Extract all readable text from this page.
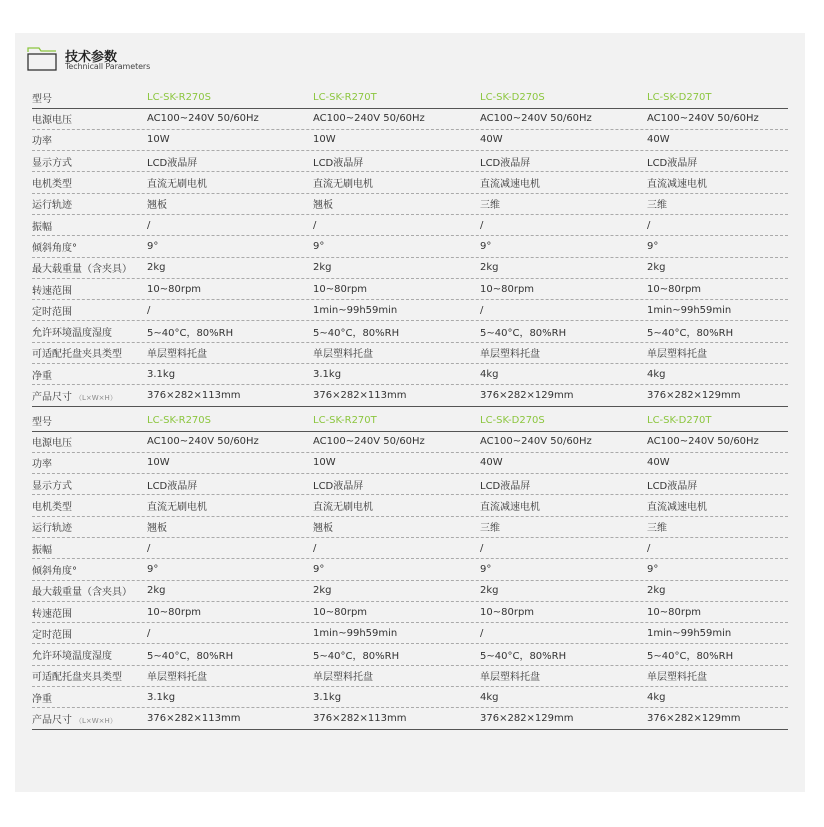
技术参数
Technicall Parameters
型号	LC-SK-R270S	LC-SK-R270T	LC-SK-D270S	LC-SK-D270T
电源电压	AC100~240V 50/60Hz	AC100~240V 50/60Hz	AC100~240V 50/60Hz	AC100~240V 50/60Hz
功率	10W	10W	40W	40W
显示方式	LCD液晶屏	LCD液晶屏	LCD液晶屏	LCD液晶屏
电机类型	直流无刷电机	直流无刷电机	直流减速电机	直流减速电机
运行轨迹	翘板	翘板	三维	三维
振幅	/	/	/	/
倾斜角度°	9°	9°	9°	9°
最大载重量（含夹具）	2kg	2kg	2kg	2kg
转速范围	10~80rpm	10~80rpm	10~80rpm	10~80rpm
定时范围	/	1min~99h59min	/	1min~99h59min
允许环境温度湿度	5~40°C，80%RH	5~40°C，80%RH	5~40°C，80%RH	5~40°C，80%RH
可适配托盘夹具类型	单层塑料托盘	单层塑料托盘	单层塑料托盘	单层塑料托盘
净重	3.1kg	3.1kg	4kg	4kg
产品尺寸 （L×W×H）	376×282×113mm	376×282×113mm	376×282×129mm	376×282×129mm
型号	LC-SK-R270S	LC-SK-R270T	LC-SK-D270S	LC-SK-D270T
电源电压	AC100~240V 50/60Hz	AC100~240V 50/60Hz	AC100~240V 50/60Hz	AC100~240V 50/60Hz
功率	10W	10W	40W	40W
显示方式	LCD液晶屏	LCD液晶屏	LCD液晶屏	LCD液晶屏
电机类型	直流无刷电机	直流无刷电机	直流减速电机	直流减速电机
运行轨迹	翘板	翘板	三维	三维
振幅	/	/	/	/
倾斜角度°	9°	9°	9°	9°
最大载重量（含夹具）	2kg	2kg	2kg	2kg
转速范围	10~80rpm	10~80rpm	10~80rpm	10~80rpm
定时范围	/	1min~99h59min	/	1min~99h59min
允许环境温度湿度	5~40°C，80%RH	5~40°C，80%RH	5~40°C，80%RH	5~40°C，80%RH
可适配托盘夹具类型	单层塑料托盘	单层塑料托盘	单层塑料托盘	单层塑料托盘
净重	3.1kg	3.1kg	4kg	4kg
产品尺寸 （L×W×H）	376×282×113mm	376×282×113mm	376×282×129mm	376×282×129mm
